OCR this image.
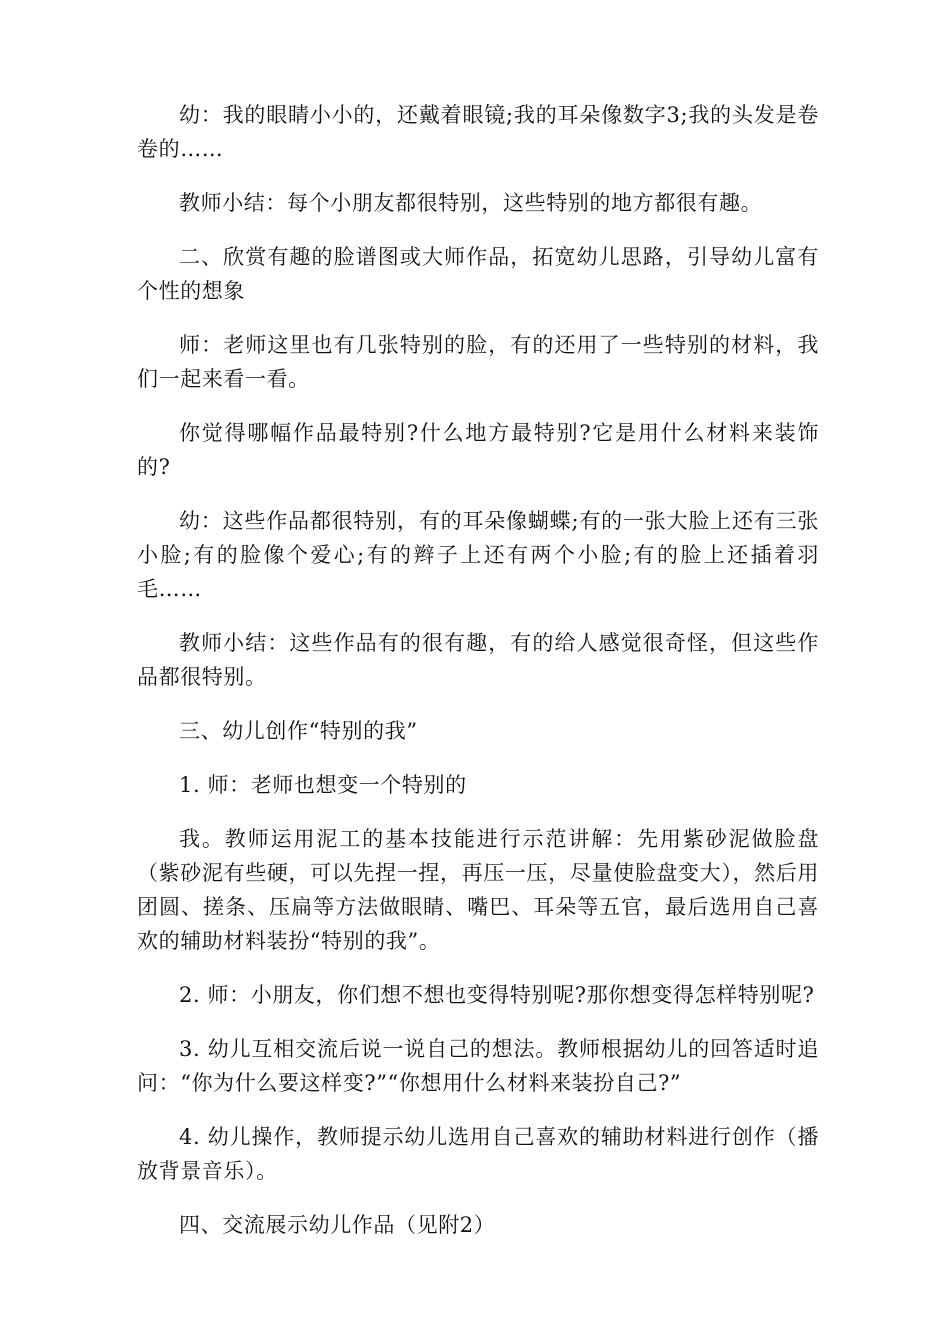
幼：我的眼睛小小的，还戴着眼镜;我的耳朵像数字3;我的头发是卷卷的……

教师小结：每个小朋友都很特别，这些特别的地方都很有趣。

二、欣赏有趣的脸谱图或大师作品，拓宽幼儿思路，引导幼儿富有个性的想象

师：老师这里也有几张特别的脸，有的还用了一些特别的材料，我们一起来看一看。

你觉得哪幅作品最特别?什么地方最特别?它是用什么材料来装饰的?

幼：这些作品都很特别，有的耳朵像蝴蝶;有的一张大脸上还有三张小脸;有的脸像个爱心;有的辫子上还有两个小脸;有的脸上还插着羽毛……

教师小结：这些作品有的很有趣，有的给人感觉很奇怪，但这些作品都很特别。

三、幼儿创作“特别的我”

1. 师：老师也想变一个特别的

我。教师运用泥工的基本技能进行示范讲解：先用紫砂泥做脸盘（紫砂泥有些硬，可以先捏一捏，再压一压，尽量使脸盘变大），然后用团圆、搓条、压扁等方法做眼睛、嘴巴、耳朵等五官，最后选用自己喜欢的辅助材料装扮“特别的我”。

2. 师：小朋友，你们想不想也变得特别呢?那你想变得怎样特别呢?

3. 幼儿互相交流后说一说自己的想法。教师根据幼儿的回答适时追问：“你为什么要这样变?”“你想用什么材料来装扮自己?”

4. 幼儿操作，教师提示幼儿选用自己喜欢的辅助材料进行创作（播放背景音乐）。

四、交流展示幼儿作品（见附2）
